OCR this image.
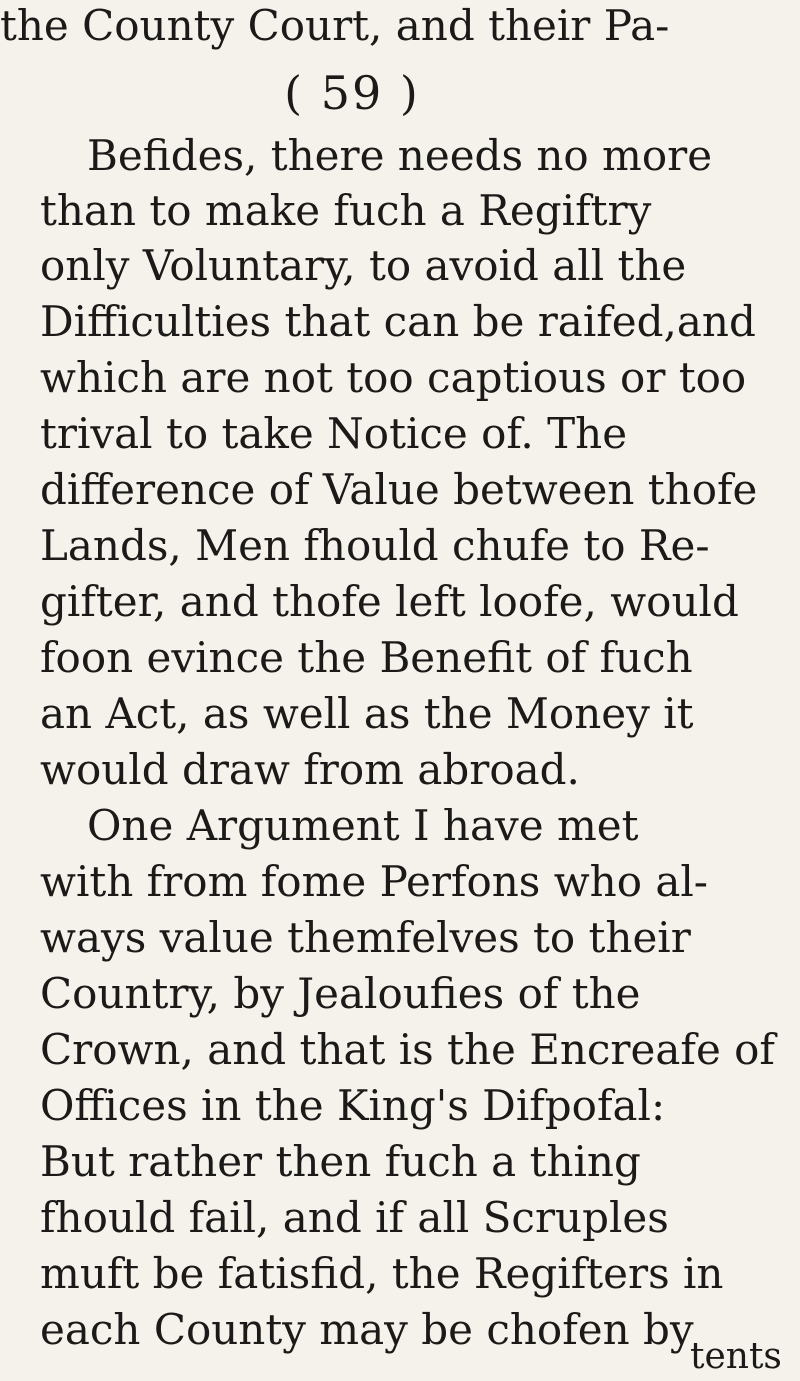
( 59 )
Befides, there needs no more
than to make fuch a Regiftry
only Voluntary, to avoid all the
Difficulties that can be raifed,and
which are not too captious or too
trival to take Notice of. The
difference of Value between thofe
Lands, Men fhould chufe to Re-
gifter, and thofe left loofe, would
foon evince the Benefit of fuch
an Act, as well as the Money it
would draw from abroad.
One Argument I have met
with from fome Perfons who al-
ways value themfelves to their
Country, by Jealoufies of the
Crown, and that is the Encreafe of
Offices in the King's Difpofal:
But rather then fuch a thing
fhould fail, and if all Scruples
muft be fatisfid, the Regifters in
each County may be chofen by
the County Court, and their Pa-
tents
